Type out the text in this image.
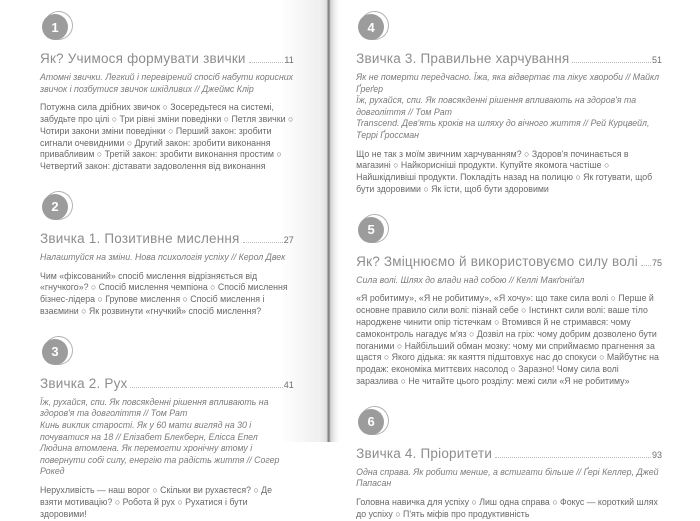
1
Як? Учимося формувати звички	11

Атомні звички. Легкий і перевірений спосіб набути корисних звичок і позбутися звичок шкідливих // Джеймс Клір

Потужна сила дрібних звичок ○ Зосередьтеся на системі, забудьте про цілі ○ Три рівні зміни поведінки ○ Петля звички ○ Чотири закони зміни поведінки ○ Перший закон: зробити сигнали очевидними ○ Другий закон: зробити виконання привабливим ○ Третій закон: зробити виконання простим ○ Четвертий закон: діставати задоволення від виконання

2
Звичка 1. Позитивне мислення	27

Налаштуйся на зміни. Нова психологія успіху // Керол Двек

Чим «фіксований» спосіб мислення відрізняється від «гнучкого»? ○ Спосіб мислення чемпіона ○ Спосіб мислення бізнес-лідера ○ Групове мислення ○ Спосіб мислення і взаємини ○ Як розвинути «гнучкий» спосіб мислення?

3
Звичка 2. Рух	41

Їж, рухайся, спи. Як повсякденні рішення впливають на здоров'я та довголіття // Том Рат

Кинь виклик старості. Як у 60 мати вигляд на 30 і почуватися на 18 // Елізабет Блекберн, Елісса Епел

Людина втомлена. Як перемогти хронічну втому і повернути собі силу, енергію та радість життя // Согер Рокед

Нерухливість — наш ворог ○ Скільки ви рухаєтеся? ○ Де взяти мотивацію? ○ Робота й рух ○ Рухатися і бути здоровими!

4
Звичка 3. Правильне харчування	51

Як не померти передчасно. Їжа, яка відвертає та лікує хвороби // Майкл Ґреґер

Їж, рухайся, спи. Як повсякденні рішення впливають на здоров'я та довголіття // Том Рат

Transcend. Дев'ять кроків на шляху до вічного життя // Рей Курцвейл, Террі Ґроссман

Що не так з моїм звичним харчуванням? ○ Здоров'я починається в магазині ○ Найкорисніші продукти. Купуйте якомога частіше ○ Найшкідливіші продукти. Покладіть назад на полицю ○ Як готувати, щоб бути здоровими ○ Як їсти, щоб бути здоровими

5
Як? Зміцнюємо й використовуємо силу волі 75

Сила волі. Шлях до влади над собою // Келлі Макґоніґал

«Я робитиму», «Я не робитиму», «Я хочу»: що таке сила волі ○ Перше й основне правило сили волі: пізнай себе ○ Інстинкт сили волі: ваше тіло народжене чинити опір тістечкам ○ Втомився й не стримався: чому самоконтроль нагадує м'яз ○ Дозвіл на гріх: чому добрим дозволено бути поганими ○ Найбільший обман мозку: чому ми сприймаємо прагнення за щастя ○ Якого дідька: як каяття підштовхує нас до спокуси ○ Майбутнє на продаж: економіка миттєвих насолод ○ Заразно! Чому сила волі заразлива ○ Не читайте цього розділу: межі сили «Я не робитиму»

6
Звичка 4. Пріоритети	93

Одна справа. Як робити менше, а встигати більше // Ґері Келлер, Джей Папасан

Головна навичка для успіху ○ Лиш одна справа ○ Фокус — короткий шлях до успіху ○ П'ять міфів про продуктивність
